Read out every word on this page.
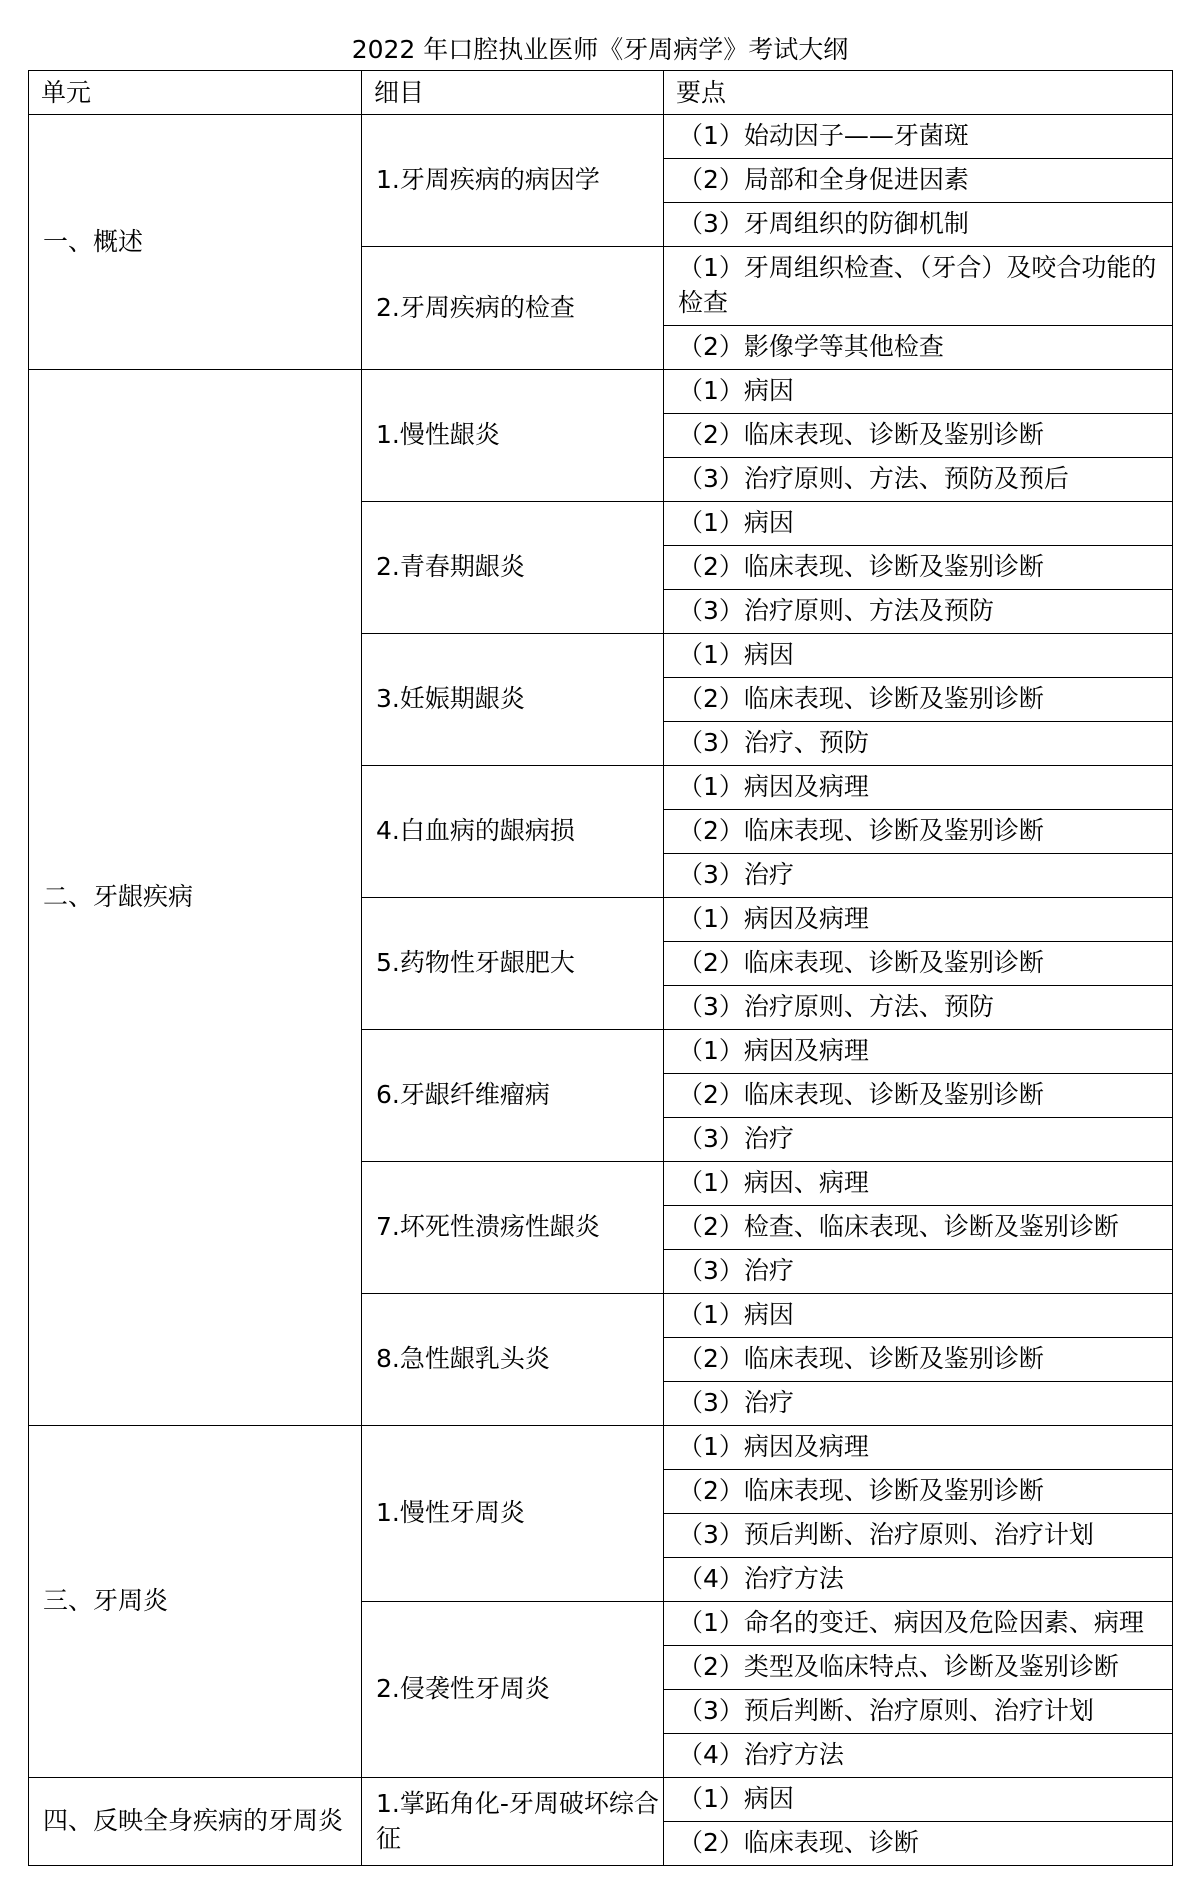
2022 年口腔执业医师《牙周病学》考试大纲
单元	细目	要点
一、概述	1.牙周疾病的病因学	（1）始动因子——牙菌斑
		（2）局部和全身促进因素
		（3）牙周组织的防御机制
	2.牙周疾病的检查	（1）牙周组织检查、（牙合）及咬合功能的检查
		（2）影像学等其他检查
二、牙龈疾病	1.慢性龈炎	（1）病因
		（2）临床表现、诊断及鉴别诊断
		（3）治疗原则、方法、预防及预后
	2.青春期龈炎	（1）病因
		（2）临床表现、诊断及鉴别诊断
		（3）治疗原则、方法及预防
	3.妊娠期龈炎	（1）病因
		（2）临床表现、诊断及鉴别诊断
		（3）治疗、预防
	4.白血病的龈病损	（1）病因及病理
		（2）临床表现、诊断及鉴别诊断
		（3）治疗
	5.药物性牙龈肥大	（1）病因及病理
		（2）临床表现、诊断及鉴别诊断
		（3）治疗原则、方法、预防
	6.牙龈纤维瘤病	（1）病因及病理
		（2）临床表现、诊断及鉴别诊断
		（3）治疗
	7.坏死性溃疡性龈炎	（1）病因、病理
		（2）检查、临床表现、诊断及鉴别诊断
		（3）治疗
	8.急性龈乳头炎	（1）病因
		（2）临床表现、诊断及鉴别诊断
		（3）治疗
三、牙周炎	1.慢性牙周炎	（1）病因及病理
		（2）临床表现、诊断及鉴别诊断
		（3）预后判断、治疗原则、治疗计划
		（4）治疗方法
	2.侵袭性牙周炎	（1）命名的变迁、病因及危险因素、病理
		（2）类型及临床特点、诊断及鉴别诊断
		（3）预后判断、治疗原则、治疗计划
		（4）治疗方法
四、反映全身疾病的牙周炎	1.掌跖角化-牙周破坏综合征	（1）病因
		（2）临床表现、诊断
